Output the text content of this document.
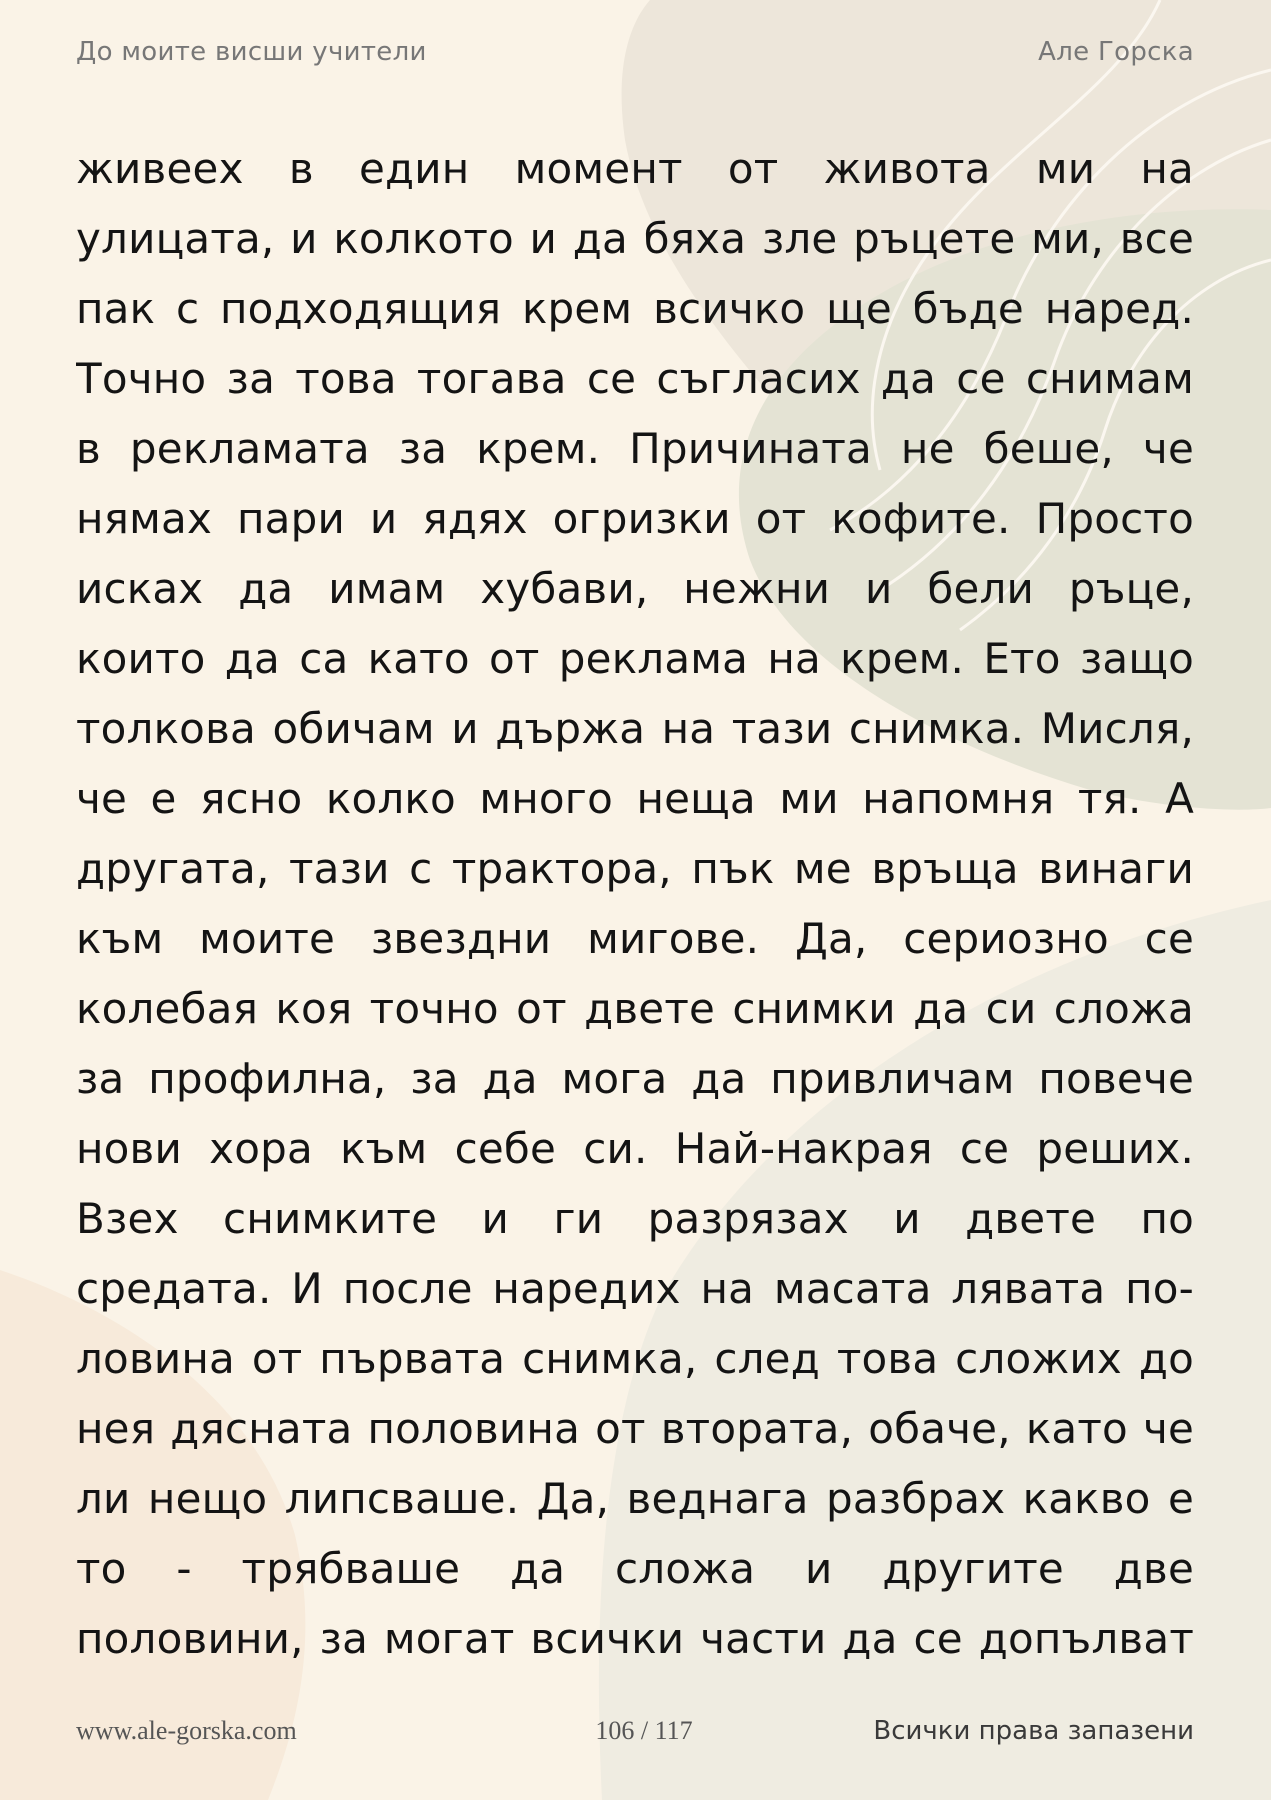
До моите висши учители	Але Горска
живеех в един момент от живота ми на
улицата, и колкото и да бяха зле ръцете ми, все
пак с подходящия крем всичко ще бъде наред.
Точно за това тогава се съгласих да се снимам
в рекламата за крем. Причината не беше, че
нямах пари и ядях огризки от кофите. Просто
исках да имам хубави, нежни и бели ръце,
които да са като от реклама на крем. Ето защо
толкова обичам и държа на тази снимка. Мисля,
че е ясно колко много неща ми напомня тя. А
другата, тази с трактора, пък ме връща винаги
към моите звездни мигове. Да, сериозно се
колебая коя точно от двете снимки да си сложа
за профилна, за да мога да привличам повече
нови хора към себе си. Най-накрая се реших.
Взех снимките и ги разрязах и двете по
средата. И после наредих на масата лявата по-
ловина от първата снимка, след това сложих до
нея дясната половина от втората, обаче, като че
ли нещо липсваше. Да, веднага разбрах какво е
то - трябваше да сложа и другите две
половини, за могат всички части да се допълват
www.ale-gorska.com	106 / 117	Всички права запазени
